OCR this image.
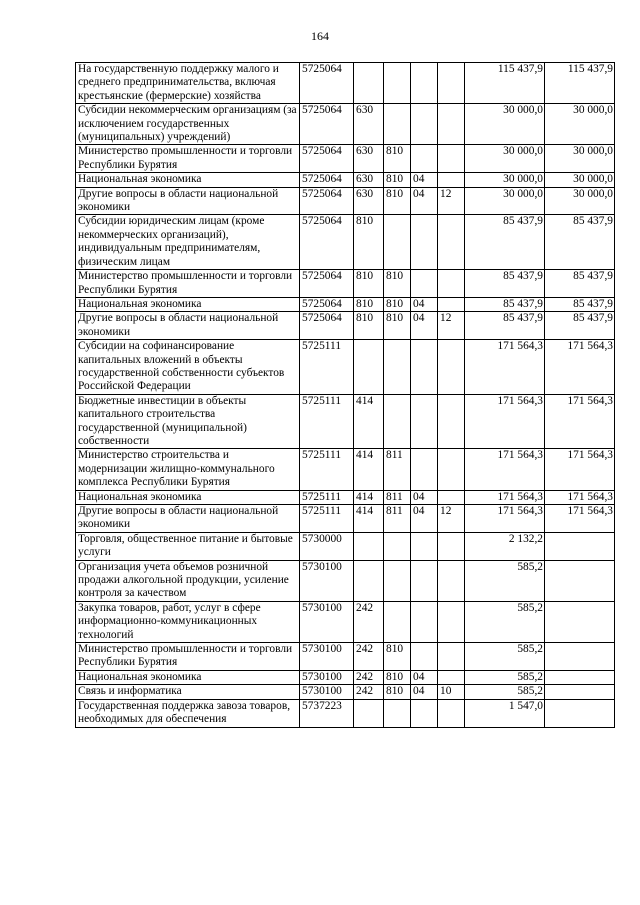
164
На государственную поддержку малого и среднего предпринимательства, включая крестьянские (фермерские) хозяйства	5725064					115 437,9	115 437,9
Субсидии некоммерческим организациям (за исключением государственных (муниципальных) учреждений)	5725064	630				30 000,0	30 000,0
Министерство промышленности и торговли Республики Бурятия	5725064	630	810			30 000,0	30 000,0
Национальная экономика	5725064	630	810	04		30 000,0	30 000,0
Другие вопросы в области национальной экономики	5725064	630	810	04	12	30 000,0	30 000,0
Субсидии юридическим лицам (кроме некоммерческих организаций), индивидуальным предпринимателям, физическим лицам	5725064	810				85 437,9	85 437,9
Министерство промышленности и торговли Республики Бурятия	5725064	810	810			85 437,9	85 437,9
Национальная экономика	5725064	810	810	04		85 437,9	85 437,9
Другие вопросы в области национальной экономики	5725064	810	810	04	12	85 437,9	85 437,9
Субсидии на софинансирование капитальных вложений в объекты государственной собственности субъектов Российской Федерации	5725111					171 564,3	171 564,3
Бюджетные инвестиции в объекты капитального строительства государственной (муниципальной) собственности	5725111	414				171 564,3	171 564,3
Министерство строительства и модернизации жилищно-коммунального комплекса Республики Бурятия	5725111	414	811			171 564,3	171 564,3
Национальная экономика	5725111	414	811	04		171 564,3	171 564,3
Другие вопросы в области национальной экономики	5725111	414	811	04	12	171 564,3	171 564,3
Торговля, общественное питание и бытовые услуги	5730000					2 132,2	
Организация учета объемов розничной продажи алкогольной продукции, усиление контроля за качеством	5730100					585,2	
Закупка товаров, работ, услуг в сфере информационно-коммуникационных технологий	5730100	242				585,2	
Министерство промышленности и торговли Республики Бурятия	5730100	242	810			585,2	
Национальная экономика	5730100	242	810	04		585,2	
Связь и информатика	5730100	242	810	04	10	585,2	
Государственная поддержка завоза товаров, необходимых для обеспечения	5737223					1 547,0	
